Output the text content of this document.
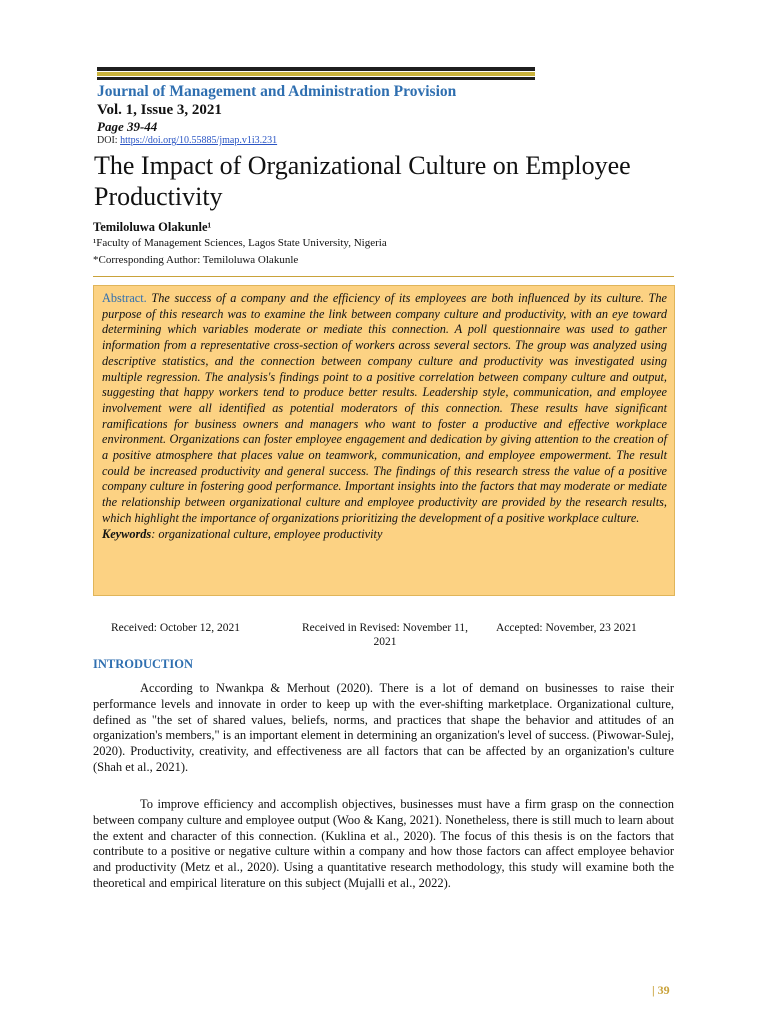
Journal of Management and Administration Provision
Vol. 1, Issue 3, 2021
Page 39-44
DOI: https://doi.org/10.55885/jmap.v1i3.231
The Impact of Organizational Culture on Employee Productivity
Temiloluwa Olakunle¹
¹Faculty of Management Sciences, Lagos State University, Nigeria
*Corresponding Author: Temiloluwa Olakunle
Abstract. The success of a company and the efficiency of its employees are both influenced by its culture. The purpose of this research was to examine the link between company culture and productivity, with an eye toward determining which variables moderate or mediate this connection. A poll questionnaire was used to gather information from a representative cross-section of workers across several sectors. The group was analyzed using descriptive statistics, and the connection between company culture and productivity was investigated using multiple regression. The analysis's findings point to a positive correlation between company culture and output, suggesting that happy workers tend to produce better results. Leadership style, communication, and employee involvement were all identified as potential moderators of this connection. These results have significant ramifications for business owners and managers who want to foster a productive and effective workplace environment. Organizations can foster employee engagement and dedication by giving attention to the creation of a positive atmosphere that places value on teamwork, communication, and employee empowerment. The result could be increased productivity and general success. The findings of this research stress the value of a positive company culture in fostering good performance. Important insights into the factors that may moderate or mediate the relationship between organizational culture and employee productivity are provided by the research results, which highlight the importance of organizations prioritizing the development of a positive workplace culture.
Keywords: organizational culture, employee productivity
Received: October 12, 2021	Received in Revised: November 11, 2021
Accepted: November, 23 2021
INTRODUCTION

According to Nwankpa & Merhout (2020). There is a lot of demand on businesses to raise their performance levels and innovate in order to keep up with the ever-shifting marketplace. Organizational culture, defined as "the set of shared values, beliefs, norms, and practices that shape the behavior and attitudes of an organization's members," is an important element in determining an organization's level of success. (Piwowar-Sulej, 2020). Productivity, creativity, and effectiveness are all factors that can be affected by an organization's culture (Shah et al., 2021).

To improve efficiency and accomplish objectives, businesses must have a firm grasp on the connection between company culture and employee output (Woo & Kang, 2021). Nonetheless, there is still much to learn about the extent and character of this connection. (Kuklina et al., 2020). The focus of this thesis is on the factors that contribute to a positive or negative culture within a company and how those factors can affect employee behavior and productivity (Metz et al., 2020). Using a quantitative research methodology, this study will examine both the theoretical and empirical literature on this subject (Mujalli et al., 2022).

| 39
